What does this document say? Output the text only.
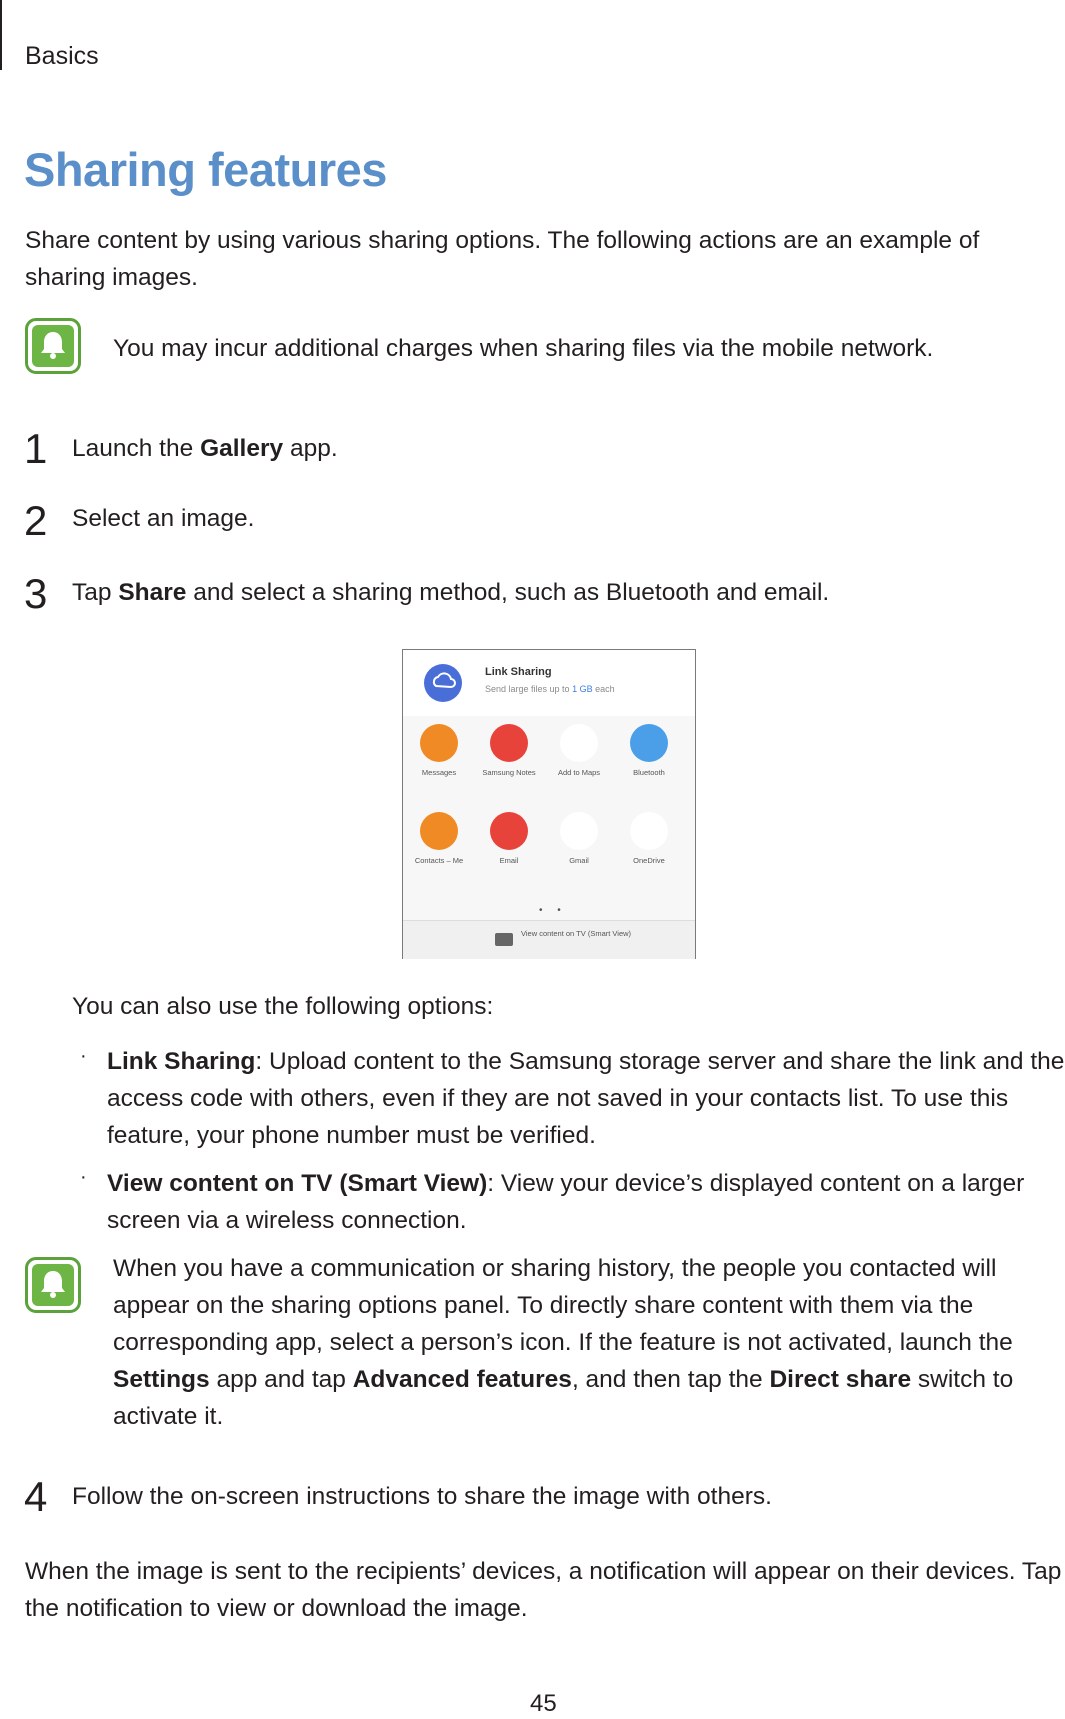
Basics
Sharing features
Share content by using various sharing options. The following actions are an example of sharing images.
You may incur additional charges when sharing files via the mobile network.
1	Launch the Gallery app.
2	Select an image.
3	Tap Share and select a sharing method, such as Bluetooth and email.
Link Sharing
Send large files up to 1 GB each
Messages	Samsung Notes	Add to Maps	Bluetooth
Contacts – Me	Email	Gmail	OneDrive
• •
View content on TV (Smart View)
You can also use the following options:
· Link Sharing: Upload content to the Samsung storage server and share the link and the access code with others, even if they are not saved in your contacts list. To use this feature, your phone number must be verified.
· View content on TV (Smart View): View your device’s displayed content on a larger screen via a wireless connection.
When you have a communication or sharing history, the people you contacted will appear on the sharing options panel. To directly share content with them via the corresponding app, select a person’s icon. If the feature is not activated, launch the Settings app and tap Advanced features, and then tap the Direct share switch to activate it.
4	Follow the on-screen instructions to share the image with others.
When the image is sent to the recipients’ devices, a notification will appear on their devices. Tap the notification to view or download the image.
45
